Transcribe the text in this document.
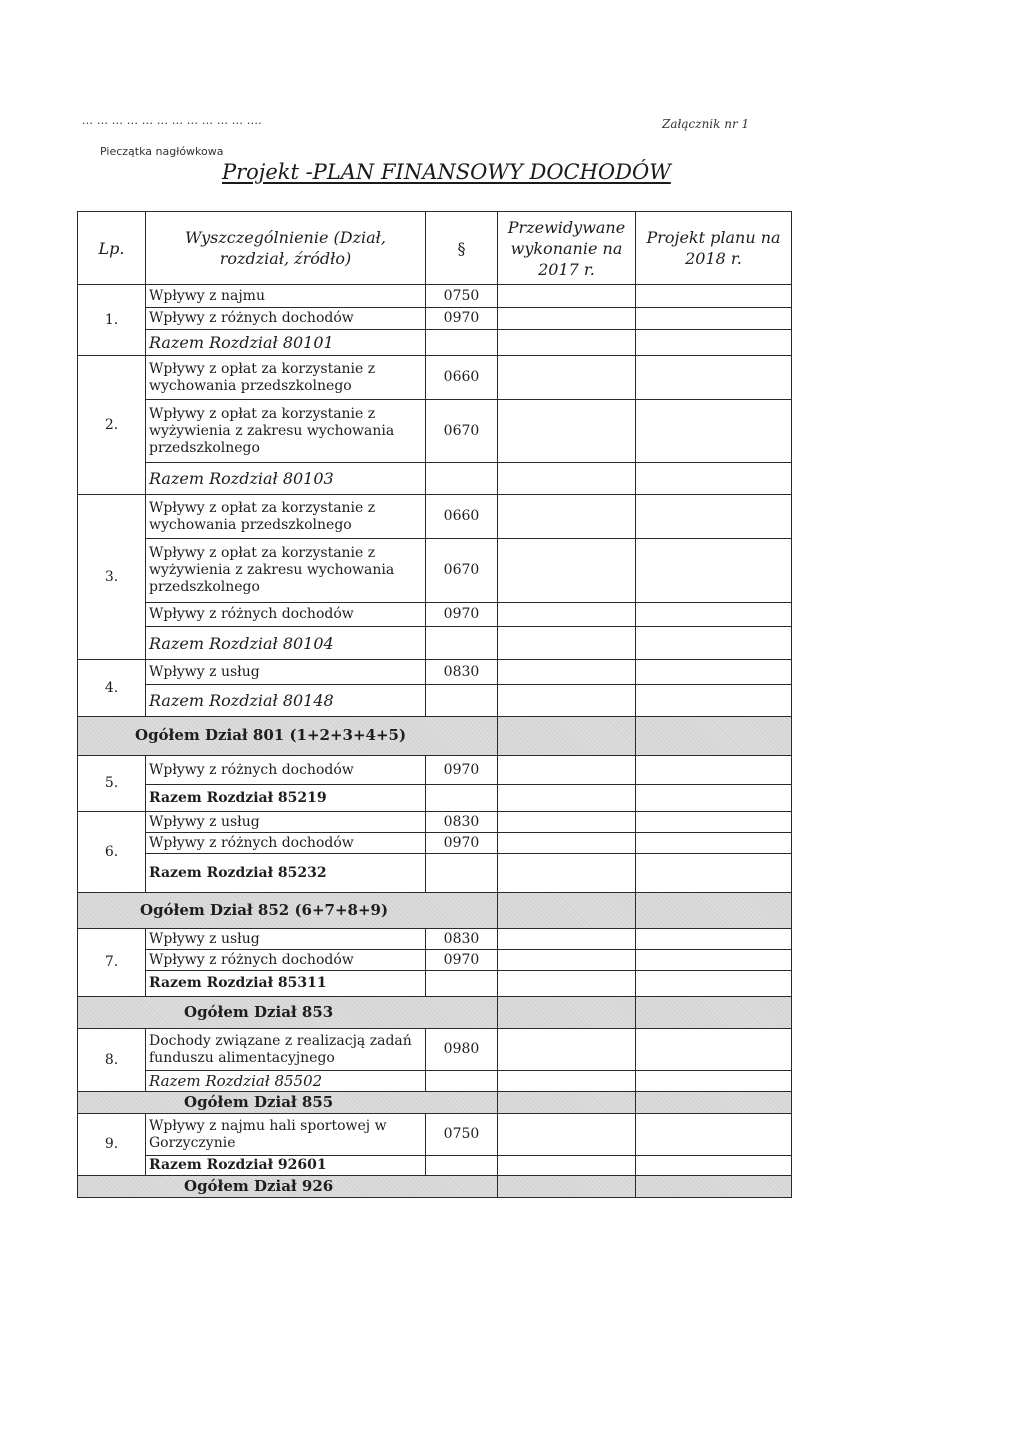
... ... ... ... ... ... ... ... ... ... ... ....
Pieczątka nagłówkowa
Załącznik nr 1
Projekt -PLAN FINANSOWY DOCHODÓW
Lp.	Wyszczególnienie (Dział, rozdział, źródło)	§	Przewidywane wykonanie na 2017 r.	Projekt planu na 2018 r.
1.	Wpływy z najmu	0750		
	Wpływy z różnych dochodów	0970		
	Razem Rozdział 80101			
2.	Wpływy z opłat za korzystanie z wychowania przedszkolnego	0660		
	Wpływy z opłat za korzystanie z wyżywienia z zakresu wychowania przedszkolnego	0670		
	Razem Rozdział 80103			
3.	Wpływy z opłat za korzystanie z wychowania przedszkolnego	0660		
	Wpływy z opłat za korzystanie z wyżywienia z zakresu wychowania przedszkolnego	0670		
	Wpływy z różnych dochodów	0970		
	Razem Rozdział 80104			
4.	Wpływy z usług	0830		
	Razem Rozdział 80148			
Ogółem Dział 801 (1+2+3+4+5)				
5.	Wpływy z różnych dochodów	0970		
	Razem Rozdział 85219			
6.	Wpływy z usług	0830		
	Wpływy z różnych dochodów	0970		
	Razem Rozdział 85232			
Ogółem Dział 852 (6+7+8+9)				
7.	Wpływy z usług	0830		
	Wpływy z różnych dochodów	0970		
	Razem Rozdział 85311			
Ogółem Dział 853				
8.	Dochody związane z realizacją zadań funduszu alimentacyjnego	0980		
	Razem Rozdział 85502			
Ogółem Dział 855				
9.	Wpływy z najmu hali sportowej w Gorzyczynie	0750		
	Razem Rozdział 92601			
Ogółem Dział 926				
